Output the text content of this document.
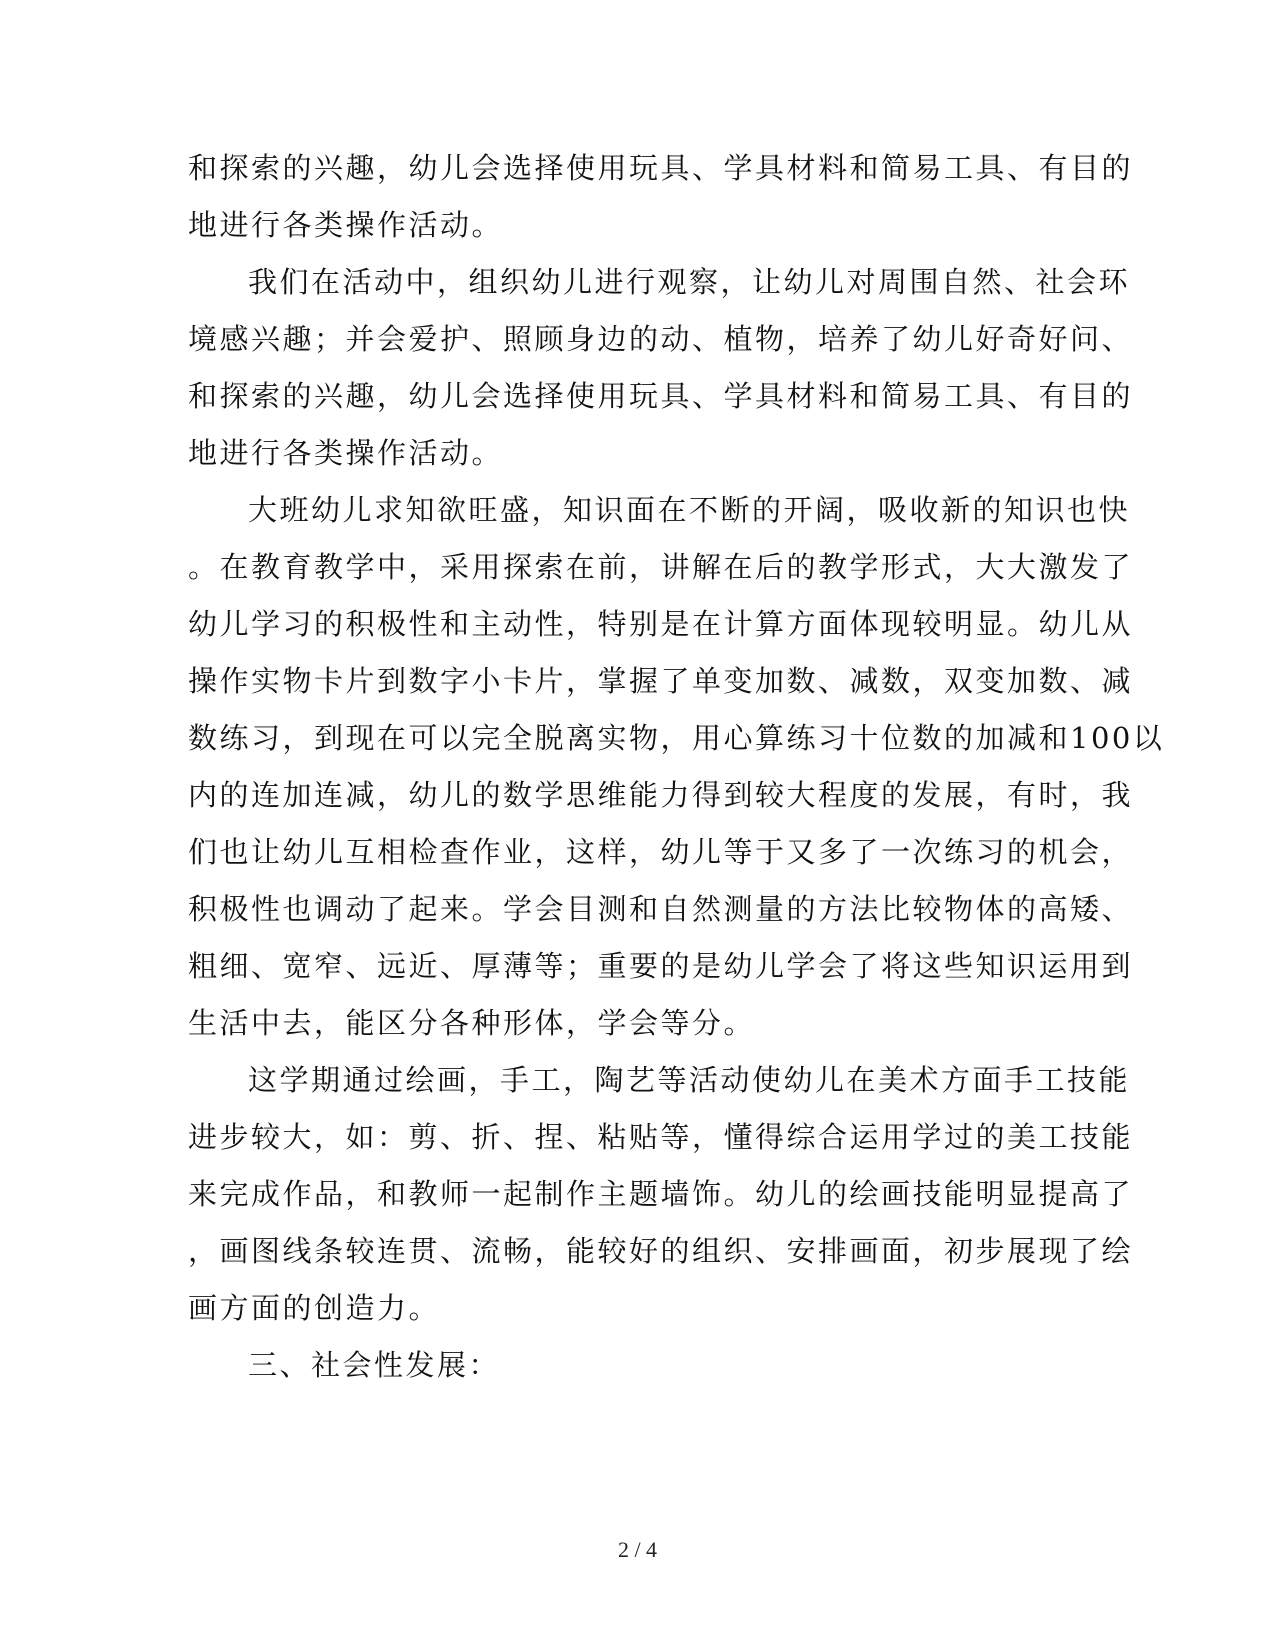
和探索的兴趣，幼儿会选择使用玩具、学具材料和简易工具、有目的
地进行各类操作活动。
我们在活动中，组织幼儿进行观察，让幼儿对周围自然、社会环
境感兴趣；并会爱护、照顾身边的动、植物，培养了幼儿好奇好问、
和探索的兴趣，幼儿会选择使用玩具、学具材料和简易工具、有目的
地进行各类操作活动。
大班幼儿求知欲旺盛，知识面在不断的开阔，吸收新的知识也快
。在教育教学中，采用探索在前，讲解在后的教学形式，大大激发了
幼儿学习的积极性和主动性，特别是在计算方面体现较明显。幼儿从
操作实物卡片到数字小卡片，掌握了单变加数、减数，双变加数、减
数练习，到现在可以完全脱离实物，用心算练习十位数的加减和100以
内的连加连减，幼儿的数学思维能力得到较大程度的发展，有时，我
们也让幼儿互相检查作业，这样，幼儿等于又多了一次练习的机会，
积极性也调动了起来。学会目测和自然测量的方法比较物体的高矮、
粗细、宽窄、远近、厚薄等；重要的是幼儿学会了将这些知识运用到
生活中去，能区分各种形体，学会等分。
这学期通过绘画，手工，陶艺等活动使幼儿在美术方面手工技能
进步较大，如：剪、折、捏、粘贴等，懂得综合运用学过的美工技能
来完成作品，和教师一起制作主题墙饰。幼儿的绘画技能明显提高了
，画图线条较连贯、流畅，能较好的组织、安排画面，初步展现了绘
画方面的创造力。
三、社会性发展：
2 / 4
